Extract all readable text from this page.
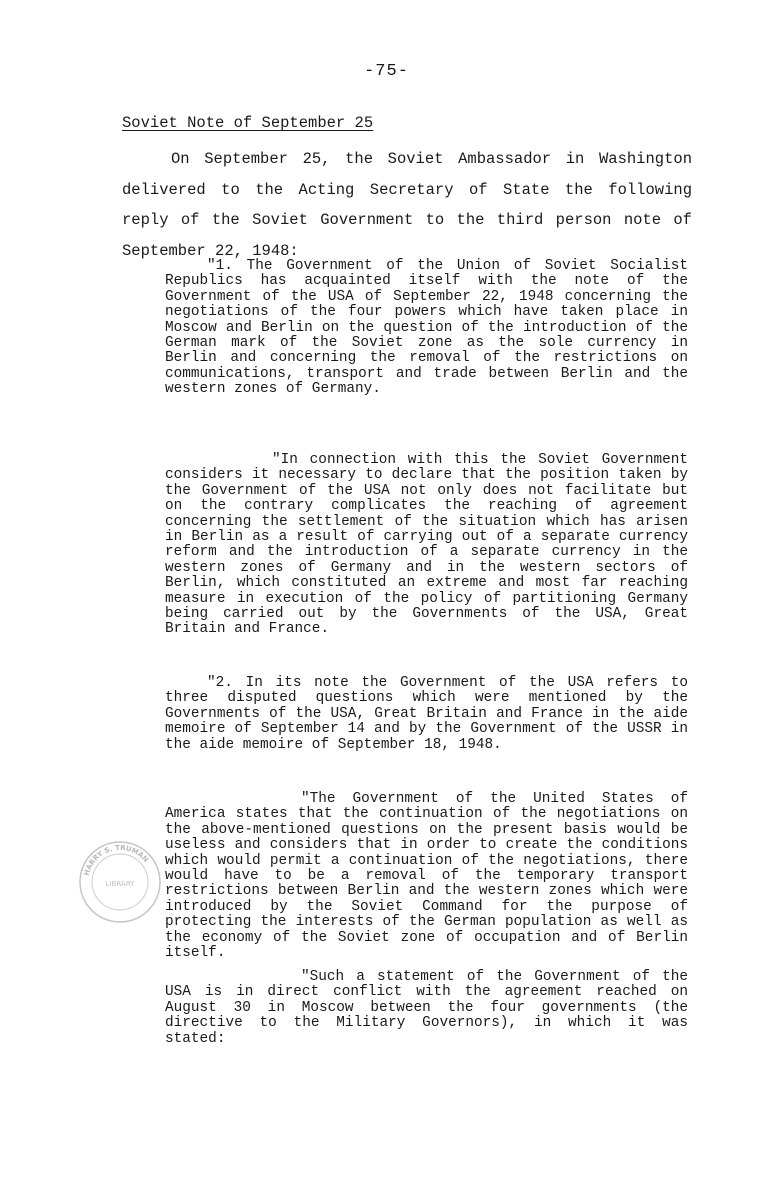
-75-
Soviet Note of September 25

On September 25, the Soviet Ambassador in Washington delivered to the Acting Secretary of State the following reply of the Soviet Government to the third person note of September 22, 1948:

"1. The Government of the Union of Soviet Socialist Republics has acquainted itself with the note of the Government of the USA of September 22, 1948 concerning the negotiations of the four powers which have taken place in Moscow and Berlin on the question of the introduction of the German mark of the Soviet zone as the sole currency in Berlin and concerning the removal of the restrictions on communications, transport and trade between Berlin and the western zones of Germany.

"In connection with this the Soviet Government considers it necessary to declare that the position taken by the Government of the USA not only does not facilitate but on the contrary complicates the reaching of agreement concerning the settlement of the situation which has arisen in Berlin as a result of carrying out of a separate currency reform and the introduction of a separate currency in the western zones of Germany and in the western sectors of Berlin, which constituted an extreme and most far reaching measure in execution of the policy of partitioning Germany being carried out by the Governments of the USA, Great Britain and France.

"2. In its note the Government of the USA refers to three disputed questions which were mentioned by the Governments of the USA, Great Britain and France in the aide memoire of September 14 and by the Government of the USSR in the aide memoire of September 18, 1948.

"The Government of the United States of America states that the continuation of the negotiations on the above-mentioned questions on the present basis would be useless and considers that in order to create the conditions which would permit a continuation of the negotiations, there would have to be a removal of the temporary transport restrictions between Berlin and the western zones which were introduced by the Soviet Command for the purpose of protecting the interests of the German population as well as the economy of the Soviet zone of occupation and of Berlin itself.

"Such a statement of the Government of the USA is in direct conflict with the agreement reached on August 30 in Moscow between the four governments (the directive to the Military Governors), in which it was stated:

HARRY S. TRUMAN
LIBRARY
